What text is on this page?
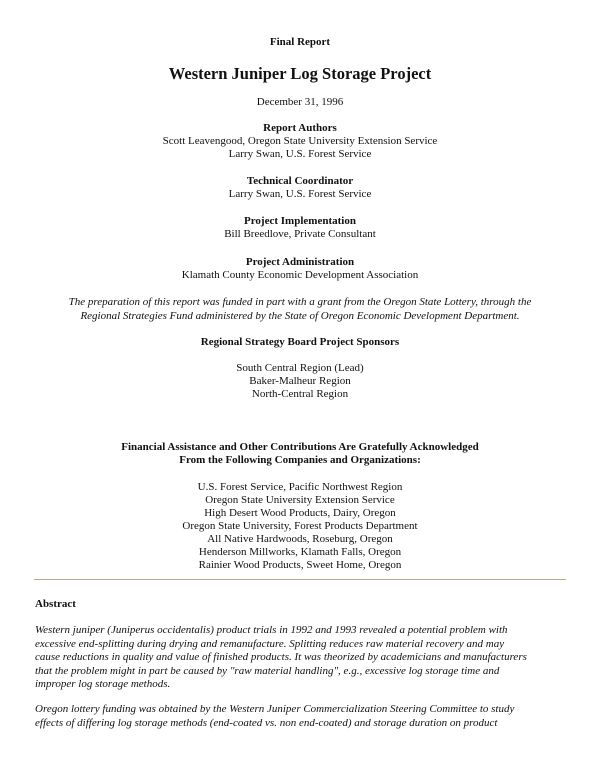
Final Report
Western Juniper Log Storage Project
December 31, 1996
Report Authors
Scott Leavengood, Oregon State University Extension Service
Larry Swan, U.S. Forest Service
Technical Coordinator
Larry Swan, U.S. Forest Service
Project Implementation
Bill Breedlove, Private Consultant
Project Administration
Klamath County Economic Development Association
The preparation of this report was funded in part with a grant from the Oregon State Lottery, through the
Regional Strategies Fund administered by the State of Oregon Economic Development Department.
Regional Strategy Board Project Sponsors
South Central Region (Lead)
Baker-Malheur Region
North-Central Region
Financial Assistance and Other Contributions Are Gratefully Acknowledged
From the Following Companies and Organizations:
U.S. Forest Service, Pacific Northwest Region
Oregon State University Extension Service
High Desert Wood Products, Dairy, Oregon
Oregon State University, Forest Products Department
All Native Hardwoods, Roseburg, Oregon
Henderson Millworks, Klamath Falls, Oregon
Rainier Wood Products, Sweet Home, Oregon
Abstract
Western juniper (Juniperus occidentalis) product trials in 1992 and 1993 revealed a potential problem with
excessive end-splitting during drying and remanufacture. Splitting reduces raw material recovery and may
cause reductions in quality and value of finished products. It was theorized by academicians and manufacturers
that the problem might in part be caused by "raw material handling", e.g., excessive log storage time and
improper log storage methods.
Oregon lottery funding was obtained by the Western Juniper Commercialization Steering Committee to study
effects of differing log storage methods (end-coated vs. non end-coated) and storage duration on product
